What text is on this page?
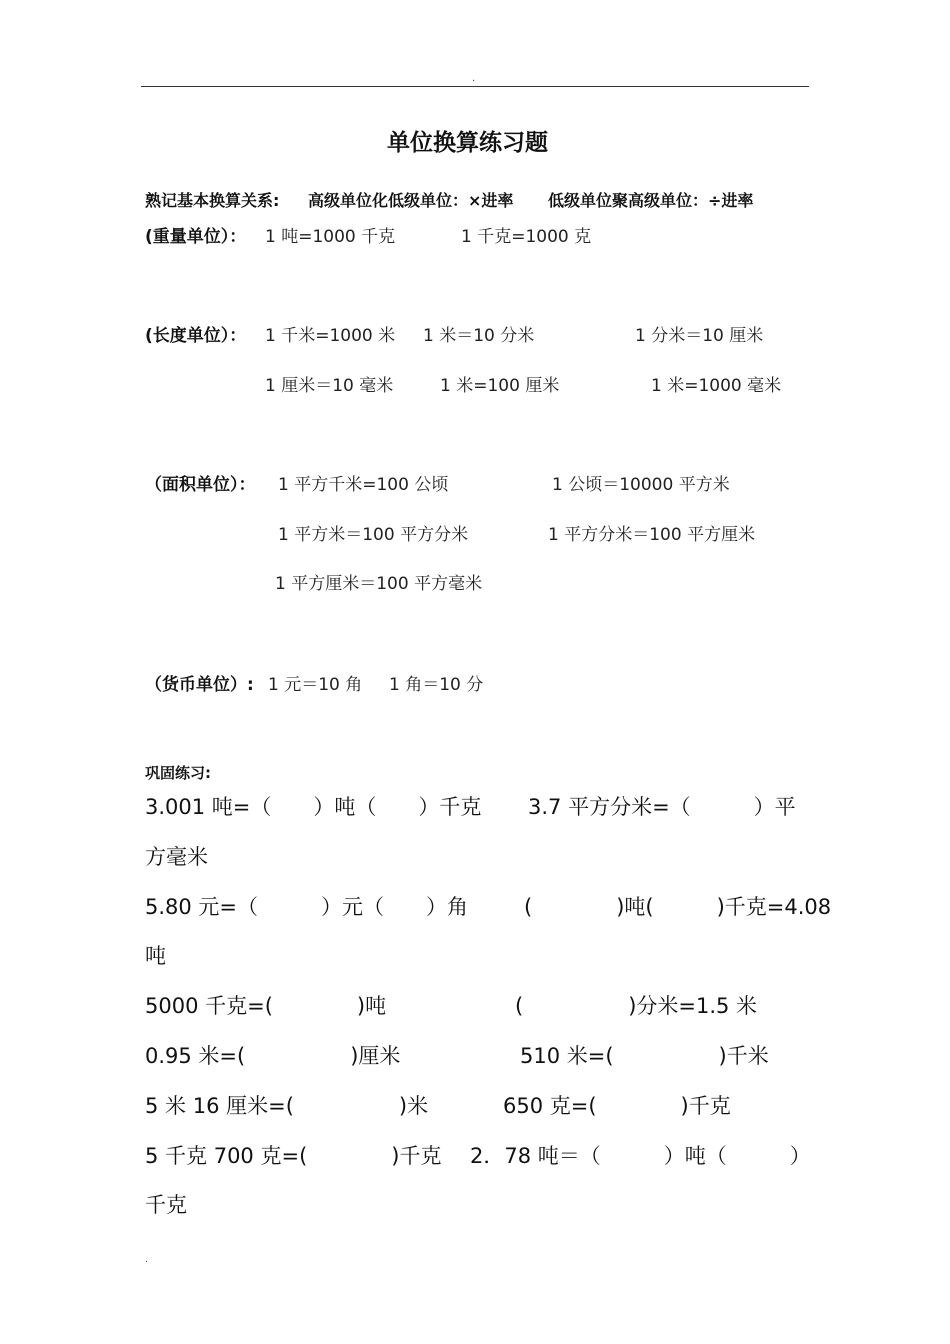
.
单位换算练习题
熟记基本换算关系: 高级单位化低级单位：×进率 低级单位聚高级单位：÷进率
(重量单位）： 1 吨=1000 千克	1 千克=1000 克
(长度单位）： 1 千米=1000 米 1 米＝10 分米	1 分米＝10 厘米
1 厘米＝10 毫米	1 米=100 厘米	1 米=1000 毫米
（面积单位）： 1 平方千米=100 公顷	1 公顷＝10000 平方米
1 平方米＝100 平方分米	1 平方分米＝100 平方厘米
1 平方厘米＝100 平方毫米
（货币单位）: 1 元＝10 角 1 角＝10 分
巩固练习:
3.001 吨=（　　）吨（　　）千克 3.7 平方分米=（　　　）平
方毫米
5.80 元=（　　　）元（　　）角	(　　　　)吨(　　　)千克=4.08
吨
5000 千克=(　　　　)吨	(　　　　　)分米=1.5 米
0.95 米=(　　　　　)厘米	510 米=(　　　　　)千米
5 米 16 厘米=(　　　　　)米	650 克=(　　　　)千克
5 千克 700 克=(　　　　)千克 2．78 吨＝（　　　）吨（　　　）
千克
.
